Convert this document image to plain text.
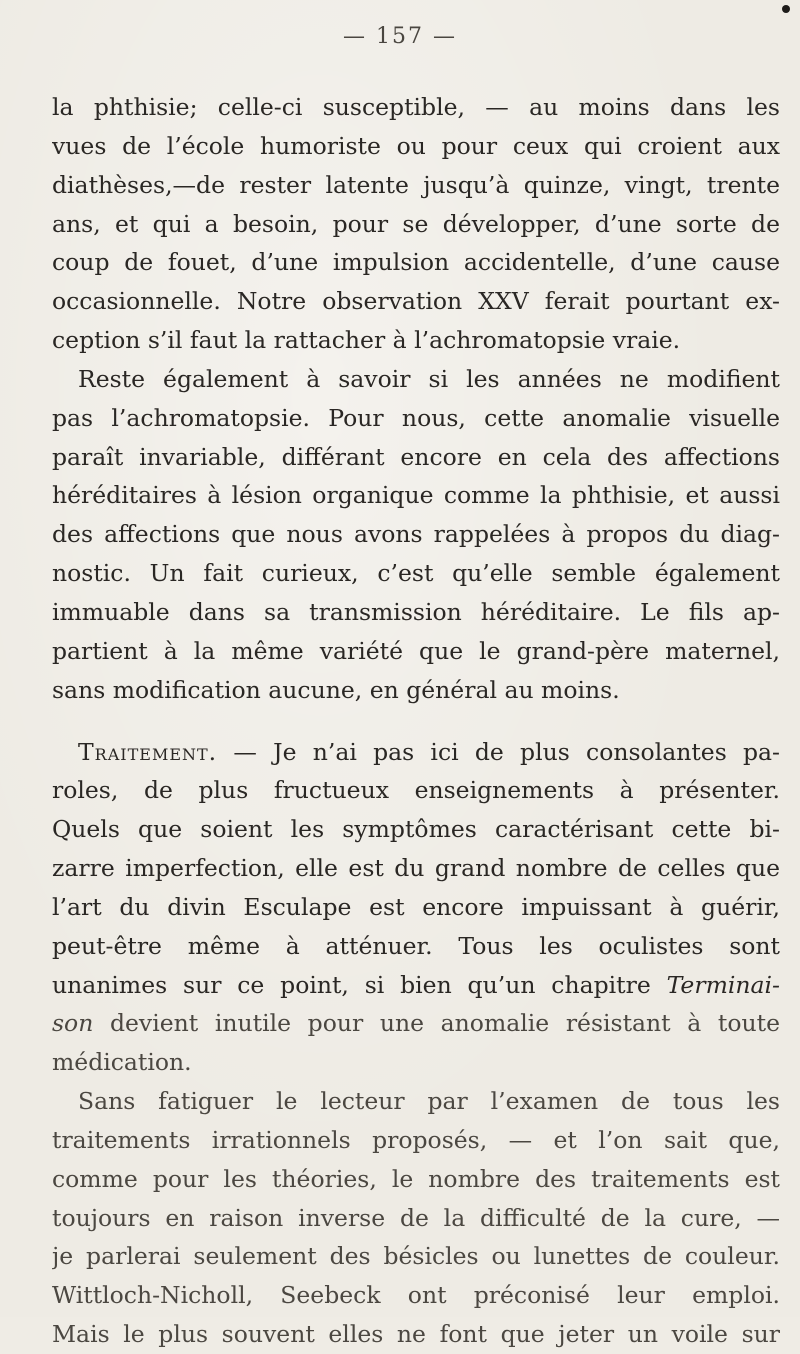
— 157 —
la phthisie; celle-ci susceptible, — au moins dans les
vues de l’école humoriste ou pour ceux qui croient aux
diathèses,—de rester latente jusqu’à quinze, vingt, trente
ans, et qui a besoin, pour se développer, d’une sorte de
coup de fouet, d’une impulsion accidentelle, d’une cause
occasionnelle. Notre observation XXV ferait pourtant ex-
ception s’il faut la rattacher à l’achromatopsie vraie.
Reste également à savoir si les années ne modifient
pas l’achromatopsie. Pour nous, cette anomalie visuelle
paraît invariable, différant encore en cela des affections
héréditaires à lésion organique comme la phthisie, et aussi
des affections que nous avons rappelées à propos du diag-
nostic. Un fait curieux, c’est qu’elle semble également
immuable dans sa transmission héréditaire. Le fils ap-
partient à la même variété que le grand-père maternel,
sans modification aucune, en général au moins.
Traitement. — Je n’ai pas ici de plus consolantes pa-
roles, de plus fructueux enseignements à présenter.
Quels que soient les symptômes caractérisant cette bi-
zarre imperfection, elle est du grand nombre de celles que
l’art du divin Esculape est encore impuissant à guérir,
peut-être même à atténuer. Tous les oculistes sont
unanimes sur ce point, si bien qu’un chapitre Terminai-
son devient inutile pour une anomalie résistant à toute
médication.
Sans fatiguer le lecteur par l’examen de tous les
traitements irrationnels proposés, — et l’on sait que,
comme pour les théories, le nombre des traitements est
toujours en raison inverse de la difficulté de la cure, —
je parlerai seulement des bésicles ou lunettes de couleur.
Wittloch-Nicholl, Seebeck ont préconisé leur emploi.
Mais le plus souvent elles ne font que jeter un voile sur
